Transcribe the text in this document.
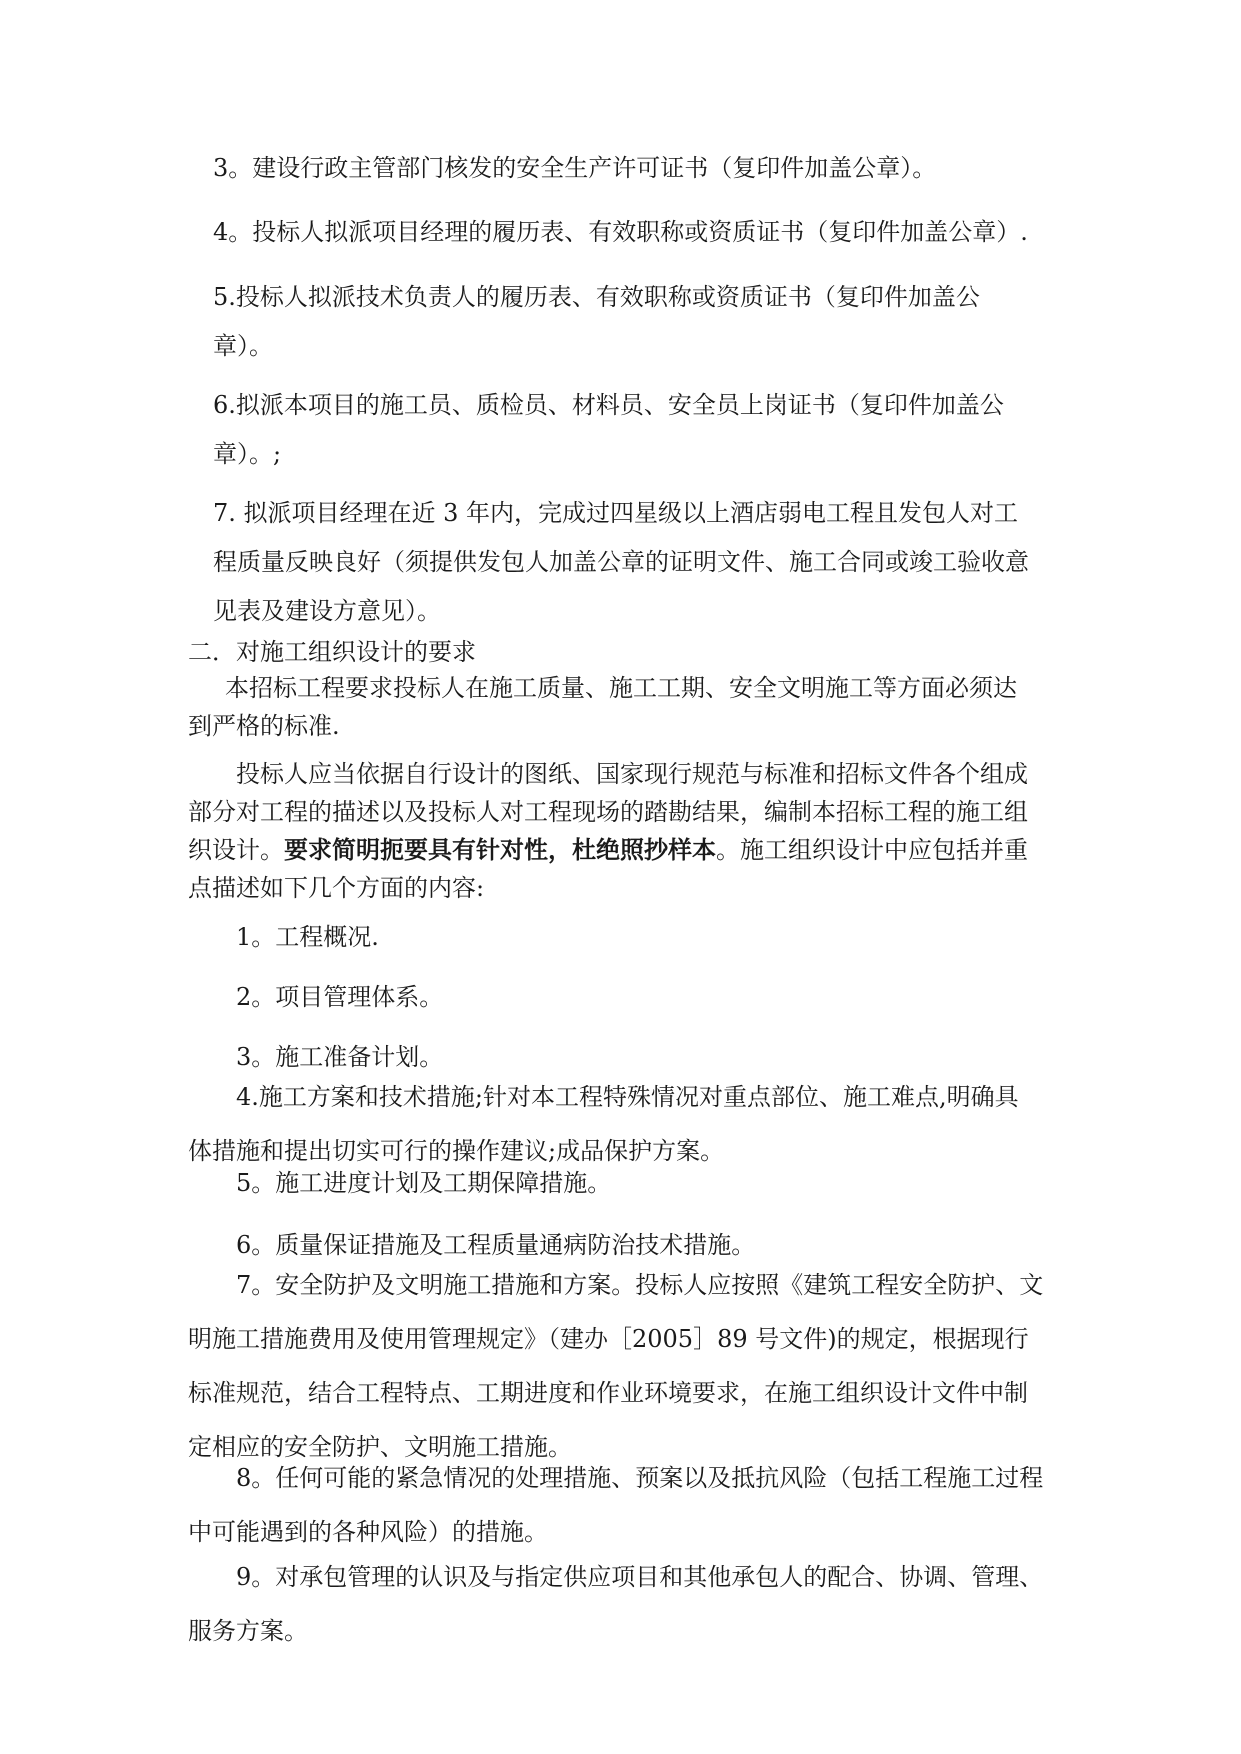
3。建设行政主管部门核发的安全生产许可证书（复印件加盖公章）。
4。投标人拟派项目经理的履历表、有效职称或资质证书（复印件加盖公章）.
5.投标人拟派技术负责人的履历表、有效职称或资质证书（复印件加盖公
章）。
6.拟派本项目的施工员、质检员、材料员、安全员上岗证书（复印件加盖公
章）。;
7. 拟派项目经理在近 3 年内，完成过四星级以上酒店弱电工程且发包人对工
程质量反映良好（须提供发包人加盖公章的证明文件、施工合同或竣工验收意
见表及建设方意见）。
二．对施工组织设计的要求
本招标工程要求投标人在施工质量、施工工期、安全文明施工等方面必须达
到严格的标准.
投标人应当依据自行设计的图纸、国家现行规范与标准和招标文件各个组成
部分对工程的描述以及投标人对工程现场的踏勘结果，编制本招标工程的施工组
织设计。要求简明扼要具有针对性，杜绝照抄样本。施工组织设计中应包括并重
点描述如下几个方面的内容:
1。工程概况.
2。项目管理体系。
3。施工准备计划。
4.施工方案和技术措施;针对本工程特殊情况对重点部位、施工难点,明确具
体措施和提出切实可行的操作建议;成品保护方案。
5。施工进度计划及工期保障措施。
6。质量保证措施及工程质量通病防治技术措施。
7。安全防护及文明施工措施和方案。投标人应按照《建筑工程安全防护、文
明施工措施费用及使用管理规定》（建办［2005］89 号文件)的规定，根据现行
标准规范，结合工程特点、工期进度和作业环境要求，在施工组织设计文件中制
定相应的安全防护、文明施工措施。
8。任何可能的紧急情况的处理措施、预案以及抵抗风险（包括工程施工过程
中可能遇到的各种风险）的措施。
9。对承包管理的认识及与指定供应项目和其他承包人的配合、协调、管理、
服务方案。
